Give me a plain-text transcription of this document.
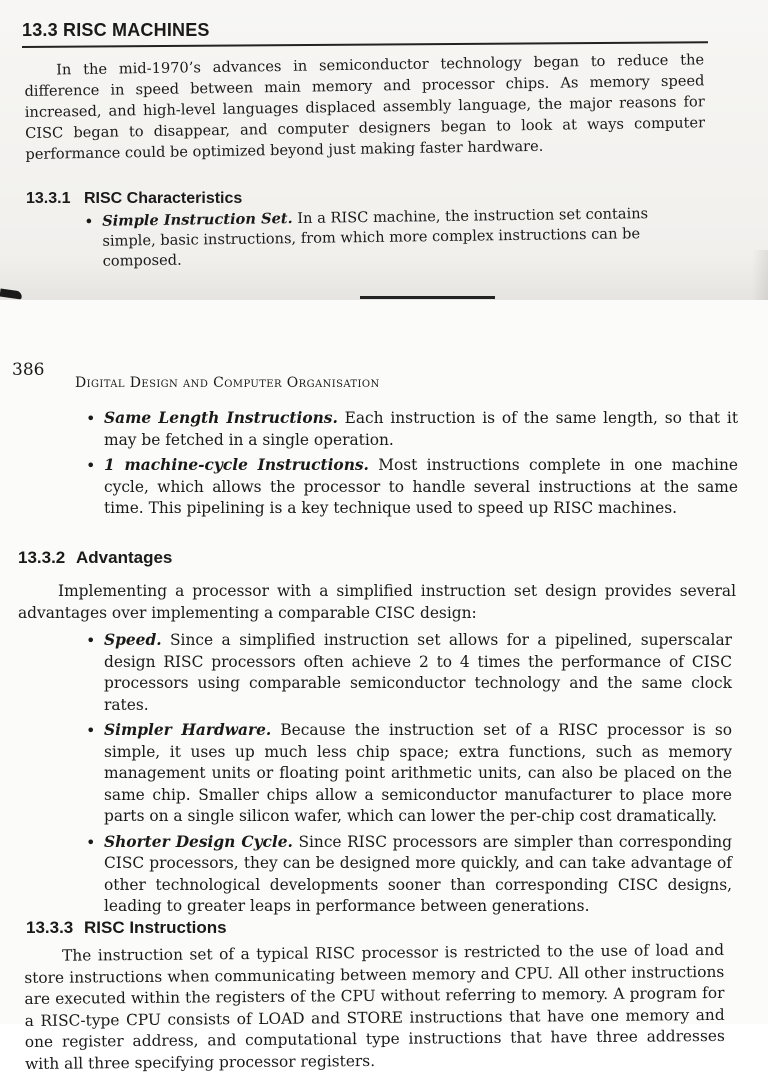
13.3 RISC MACHINES
In the mid-1970’s advances in semiconductor technology began to reduce the difference in speed between main memory and processor chips. As memory speed increased, and high-level languages displaced assembly language, the major reasons for CISC began to disappear, and computer designers began to look at ways computer performance could be optimized beyond just making faster hardware.
13.3.1 RISC Characteristics
• Simple Instruction Set. In a RISC machine, the instruction set contains simple, basic instructions, from which more complex instructions can be composed.
386
Digital Design and Computer Organisation
• Same Length Instructions. Each instruction is of the same length, so that it may be fetched in a single operation.
• 1 machine-cycle Instructions. Most instructions complete in one machine cycle, which allows the processor to handle several instructions at the same time. This pipelining is a key technique used to speed up RISC machines.
13.3.2 Advantages
Implementing a processor with a simplified instruction set design provides several advantages over implementing a comparable CISC design:
• Speed. Since a simplified instruction set allows for a pipelined, superscalar design RISC processors often achieve 2 to 4 times the performance of CISC processors using comparable semiconductor technology and the same clock rates.
• Simpler Hardware. Because the instruction set of a RISC processor is so simple, it uses up much less chip space; extra functions, such as memory management units or floating point arithmetic units, can also be placed on the same chip. Smaller chips allow a semiconductor manufacturer to place more parts on a single silicon wafer, which can lower the per-chip cost dramatically.
• Shorter Design Cycle. Since RISC processors are simpler than corresponding CISC processors, they can be designed more quickly, and can take advantage of other technological developments sooner than corresponding CISC designs, leading to greater leaps in performance between generations.
13.3.3 RISC Instructions
The instruction set of a typical RISC processor is restricted to the use of load and store instructions when communicating between memory and CPU. All other instructions are executed within the registers of the CPU without referring to memory. A program for a RISC-type CPU consists of LOAD and STORE instructions that have one memory and one register address, and computational type instructions that have three addresses with all three specifying processor registers.
